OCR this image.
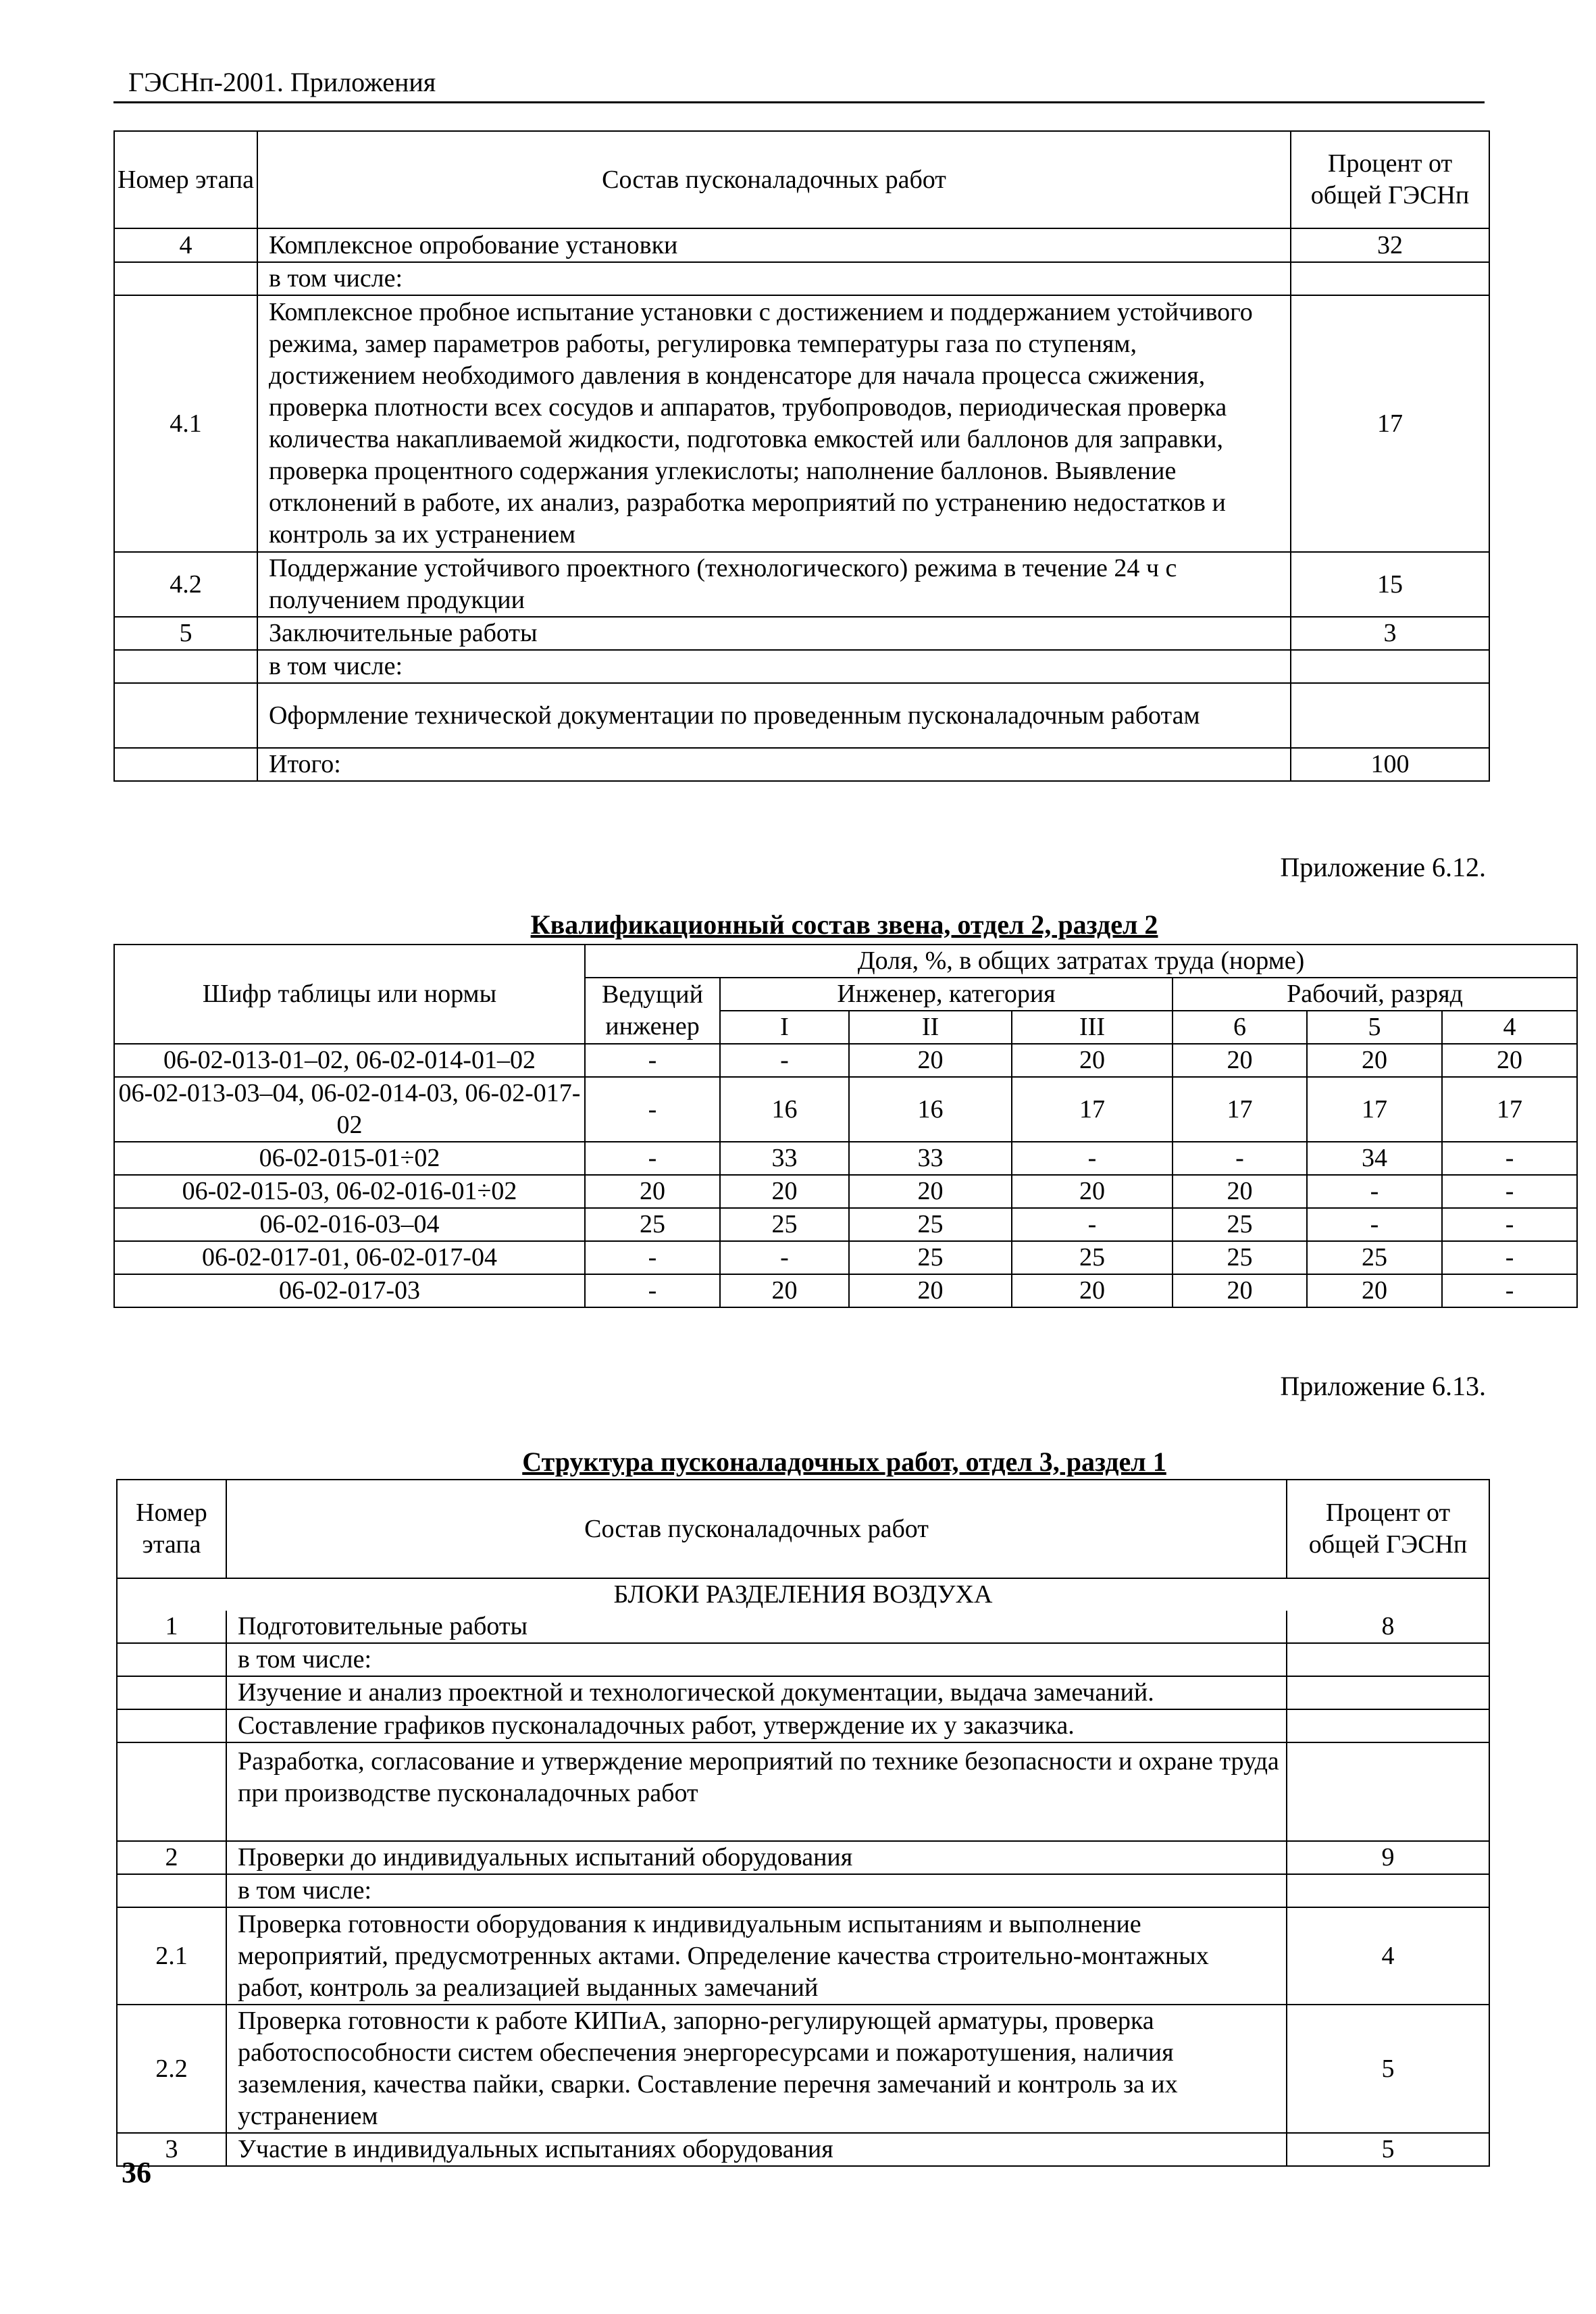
ГЭСНп-2001. Приложения
Номер этапа	Состав пусконаладочных работ	Процент от общей ГЭСНп
4	Комплексное опробование установки	32
	в том числе:	
4.1	Комплексное пробное испытание установки с достижением и поддержанием устойчивого режима, замер параметров работы, регулировка температуры газа по ступеням, достижением необходимого давления в конденсаторе для начала процесса сжижения, проверка плотности всех сосудов и аппаратов, трубопроводов, периодическая проверка количества накапливаемой жидкости, подготовка емкостей или баллонов для заправки, проверка процентного содержания углекислоты; наполнение баллонов. Выявление отклонений в работе, их анализ, разработка мероприятий по устранению недостатков и контроль за их устранением	17
4.2	Поддержание устойчивого проектного (технологического) режима в течение 24 ч с получением продукции	15
5	Заключительные работы	3
	в том числе:	
	Оформление технической документации по проведенным пусконаладочным работам	
	Итого:	100
Приложение 6.12.
Квалификационный состав звена, отдел 2, раздел 2
Шифр таблицы или нормы	Доля, %, в общих затратах труда (норме)						
	Ведущий инженер	Инженер, категория			Рабочий, разряд		
		I	II	III	6	5	4
06-02-013-01–02, 06-02-014-01–02	-	-	20	20	20	20	20
06-02-013-03–04, 06-02-014-03, 06-02-017-02	-	16	16	17	17	17	17
06-02-015-01÷02	-	33	33	-	-	34	-
06-02-015-03, 06-02-016-01÷02	20	20	20	20	20	-	-
06-02-016-03–04	25	25	25	-	25	-	-
06-02-017-01, 06-02-017-04	-	-	25	25	25	25	-
06-02-017-03	-	20	20	20	20	20	-
Приложение 6.13.
Структура пусконаладочных работ, отдел 3, раздел 1
Номер этапа	Состав пусконаладочных работ	Процент от общей ГЭСНп
БЛОКИ РАЗДЕЛЕНИЯ ВОЗДУХА		
1	Подготовительные работы	8
	в том числе:	
	Изучение и анализ проектной и технологической документации, выдача замечаний.	
	Составление графиков пусконаладочных работ, утверждение их у заказчика.	
	Разработка, согласование и утверждение мероприятий по технике безопасности и охране труда при производстве пусконаладочных работ	
2	Проверки до индивидуальных испытаний оборудования	9
	в том числе:	
2.1	Проверка готовности оборудования к индивидуальным испытаниям и выполнение мероприятий, предусмотренных актами. Определение качества строительно-монтажных работ, контроль за реализацией выданных замечаний	4
2.2	Проверка готовности к работе КИПиА, запорно-регулирующей арматуры, проверка работоспособности систем обеспечения энергоресурсами и пожаротушения, наличия заземления, качества пайки, сварки. Составление перечня замечаний и контроль за их устранением	5
3	Участие в индивидуальных испытаниях оборудования	5
36
